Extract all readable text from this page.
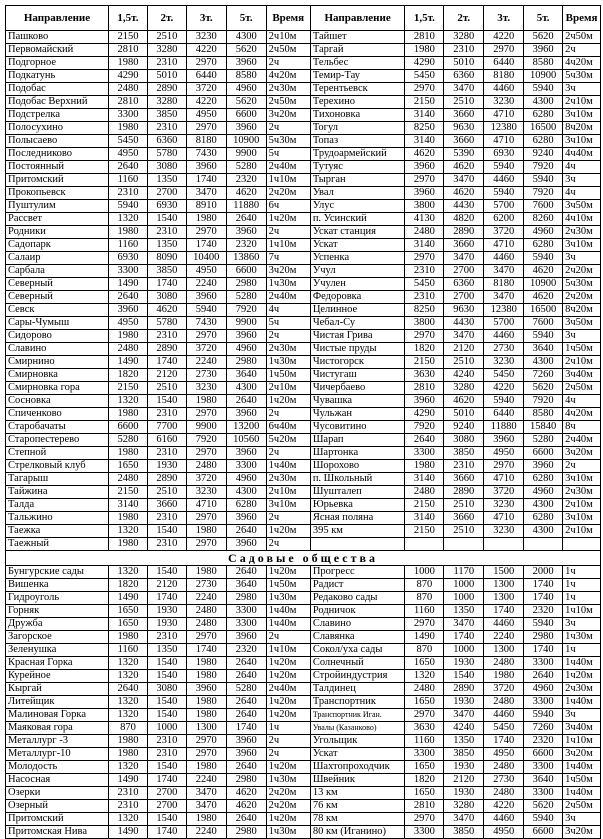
Направление	1,5т.	2т.	3т.	5т.	Время	Направление	1,5т.	2т.	3т.	5т.	Время
Пашково	2150	2510	3230	4300	2ч10м	Тайшет	2810	3280	4220	5620	2ч50м
Первомайский	2810	3280	4220	5620	2ч50м	Таргай	1980	2310	2970	3960	2ч
Подгорное	1980	2310	2970	3960	2ч	Тельбес	4290	5010	6440	8580	4ч20м
Подкатунь	4290	5010	6440	8580	4ч20м	Темир-Тау	5450	6360	8180	10900	5ч30м
Подобас	2480	2890	3720	4960	2ч30м	Терентьевск	2970	3470	4460	5940	3ч
Подобас Верхний	2810	3280	4220	5620	2ч50м	Терехино	2150	2510	3230	4300	2ч10м
Подстрелка	3300	3850	4950	6600	3ч20м	Тихоновка	3140	3660	4710	6280	3ч10м
Полосухино	1980	2310	2970	3960	2ч	Тогул	8250	9630	12380	16500	8ч20м
Полысаево	5450	6360	8180	10900	5ч30м	Топаз	3140	3660	4710	6280	3ч10м
Последниково	4950	5780	7430	9900	5ч	Трудоармейский	4620	5390	6930	9240	4ч40м
Постоянный	2640	3080	3960	5280	2ч40м	Тутуяс	3960	4620	5940	7920	4ч
Притомский	1160	1350	1740	2320	1ч10м	Тырган	2970	3470	4460	5940	3ч
Прокопьевск	2310	2700	3470	4620	2ч20м	Увал	3960	4620	5940	7920	4ч
Пуштулим	5940	6930	8910	11880	6ч	Улус	3800	4430	5700	7600	3ч50м
Рассвет	1320	1540	1980	2640	1ч20м	п. Усинский	4130	4820	6200	8260	4ч10м
Родники	1980	2310	2970	3960	2ч	Ускат станция	2480	2890	3720	4960	2ч30м
Садопарк	1160	1350	1740	2320	1ч10м	Ускат	3140	3660	4710	6280	3ч10м
Салаир	6930	8090	10400	13860	7ч	Успенка	2970	3470	4460	5940	3ч
Сарбала	3300	3850	4950	6600	3ч20м	Учул	2310	2700	3470	4620	2ч20м
Северный	1490	1740	2240	2980	1ч30м	Учулен	5450	6360	8180	10900	5ч30м
Северный	2640	3080	3960	5280	2ч40м	Федоровка	2310	2700	3470	4620	2ч20м
Севск	3960	4620	5940	7920	4ч	Целинное	8250	9630	12380	16500	8ч20м
Сары-Чумыш	4950	5780	7430	9900	5ч	Чебал-Су	3800	4430	5700	7600	3ч50м
Сидорово	1980	2310	2970	3960	2ч	Чистая Грива	2970	3470	4460	5940	3ч
Славино	2480	2890	3720	4960	2ч30м	Чистые пруды	1820	2120	2730	3640	1ч50м
Смирнино	1490	1740	2240	2980	1ч30м	Чистогорск	2150	2510	3230	4300	2ч10м
Смирновка	1820	2120	2730	3640	1ч50м	Чистугаш	3630	4240	5450	7260	3ч40м
Смирновка гора	2150	2510	3230	4300	2ч10м	Чичербаево	2810	3280	4220	5620	2ч50м
Сосновка	1320	1540	1980	2640	1ч20м	Чувашка	3960	4620	5940	7920	4ч
Спиченково	1980	2310	2970	3960	2ч	Чульжан	4290	5010	6440	8580	4ч20м
Старобачаты	6600	7700	9900	13200	6ч40м	Чусовитино	7920	9240	11880	15840	8ч
Старопестерево	5280	6160	7920	10560	5ч20м	Шарап	2640	3080	3960	5280	2ч40м
Степной	1980	2310	2970	3960	2ч	Шартонка	3300	3850	4950	6600	3ч20м
Стрелковый клуб	1650	1930	2480	3300	1ч40м	Шорохово	1980	2310	2970	3960	2ч
Тагарыш	2480	2890	3720	4960	2ч30м	п. Школьный	3140	3660	4710	6280	3ч10м
Тайжина	2150	2510	3230	4300	2ч10м	Шушталеп	2480	2890	3720	4960	2ч30м
Талда	3140	3660	4710	6280	3ч10м	Юрьевка	2150	2510	3230	4300	2ч10м
Тальжино	1980	2310	2970	3960	2ч	Ясная поляна	3140	3660	4710	6280	3ч10м
Таежка	1320	1540	1980	2640	1ч20м	395 км	2150	2510	3230	4300	2ч10м
Таежный	1980	2310	2970	3960	2ч						
Садовые общества											
Бунгурские сады	1320	1540	1980	2640	1ч20м	Прогресс	1000	1170	1500	2000	1ч
Вишенка	1820	2120	2730	3640	1ч50м	Радист	870	1000	1300	1740	1ч
Гидроуголь	1490	1740	2240	2980	1ч30м	Редаково сады	870	1000	1300	1740	1ч
Горняк	1650	1930	2480	3300	1ч40м	Родничок	1160	1350	1740	2320	1ч10м
Дружба	1650	1930	2480	3300	1ч40м	Славино	2970	3470	4460	5940	3ч
Загорское	1980	2310	2970	3960	2ч	Славянка	1490	1740	2240	2980	1ч30м
Зеленушка	1160	1350	1740	2320	1ч10м	Сокол/уха сады	870	1000	1300	1740	1ч
Красная Горка	1320	1540	1980	2640	1ч20м	Солнечный	1650	1930	2480	3300	1ч40м
Курейное	1320	1540	1980	2640	1ч20м	Стройиндустрия	1320	1540	1980	2640	1ч20м
Кыргай	2640	3080	3960	5280	2ч40м	Талдинец	2480	2890	3720	4960	2ч30м
Литейщик	1320	1540	1980	2640	1ч20м	Транспортник	1650	1930	2480	3300	1ч40м
Малиновая Горка	1320	1540	1980	2640	1ч20м	Транспортник Иган.	2970	3470	4460	5940	3ч
Маяковая гора	870	1000	1300	1740	1ч	Увалы (Казанково)	3630	4240	5450	7260	3ч40м
Металлург -3	1980	2310	2970	3960	2ч	Угольщик	1160	1350	1740	2320	1ч10м
Металлург-10	1980	2310	2970	3960	2ч	Ускат	3300	3850	4950	6600	3ч20м
Молодость	1320	1540	1980	2640	1ч20м	Шахтопроходчик	1650	1930	2480	3300	1ч40м
Насосная	1490	1740	2240	2980	1ч30м	Швейник	1820	2120	2730	3640	1ч50м
Озерки	2310	2700	3470	4620	2ч20м	13 км	1650	1930	2480	3300	1ч40м
Озерный	2310	2700	3470	4620	2ч20м	76 км	2810	3280	4220	5620	2ч50м
Притомский	1320	1540	1980	2640	1ч20м	78 км	2970	3470	4460	5940	3ч
Притомская Нива	1490	1740	2240	2980	1ч30м	80 км (Иганино)	3300	3850	4950	6600	3ч20м
